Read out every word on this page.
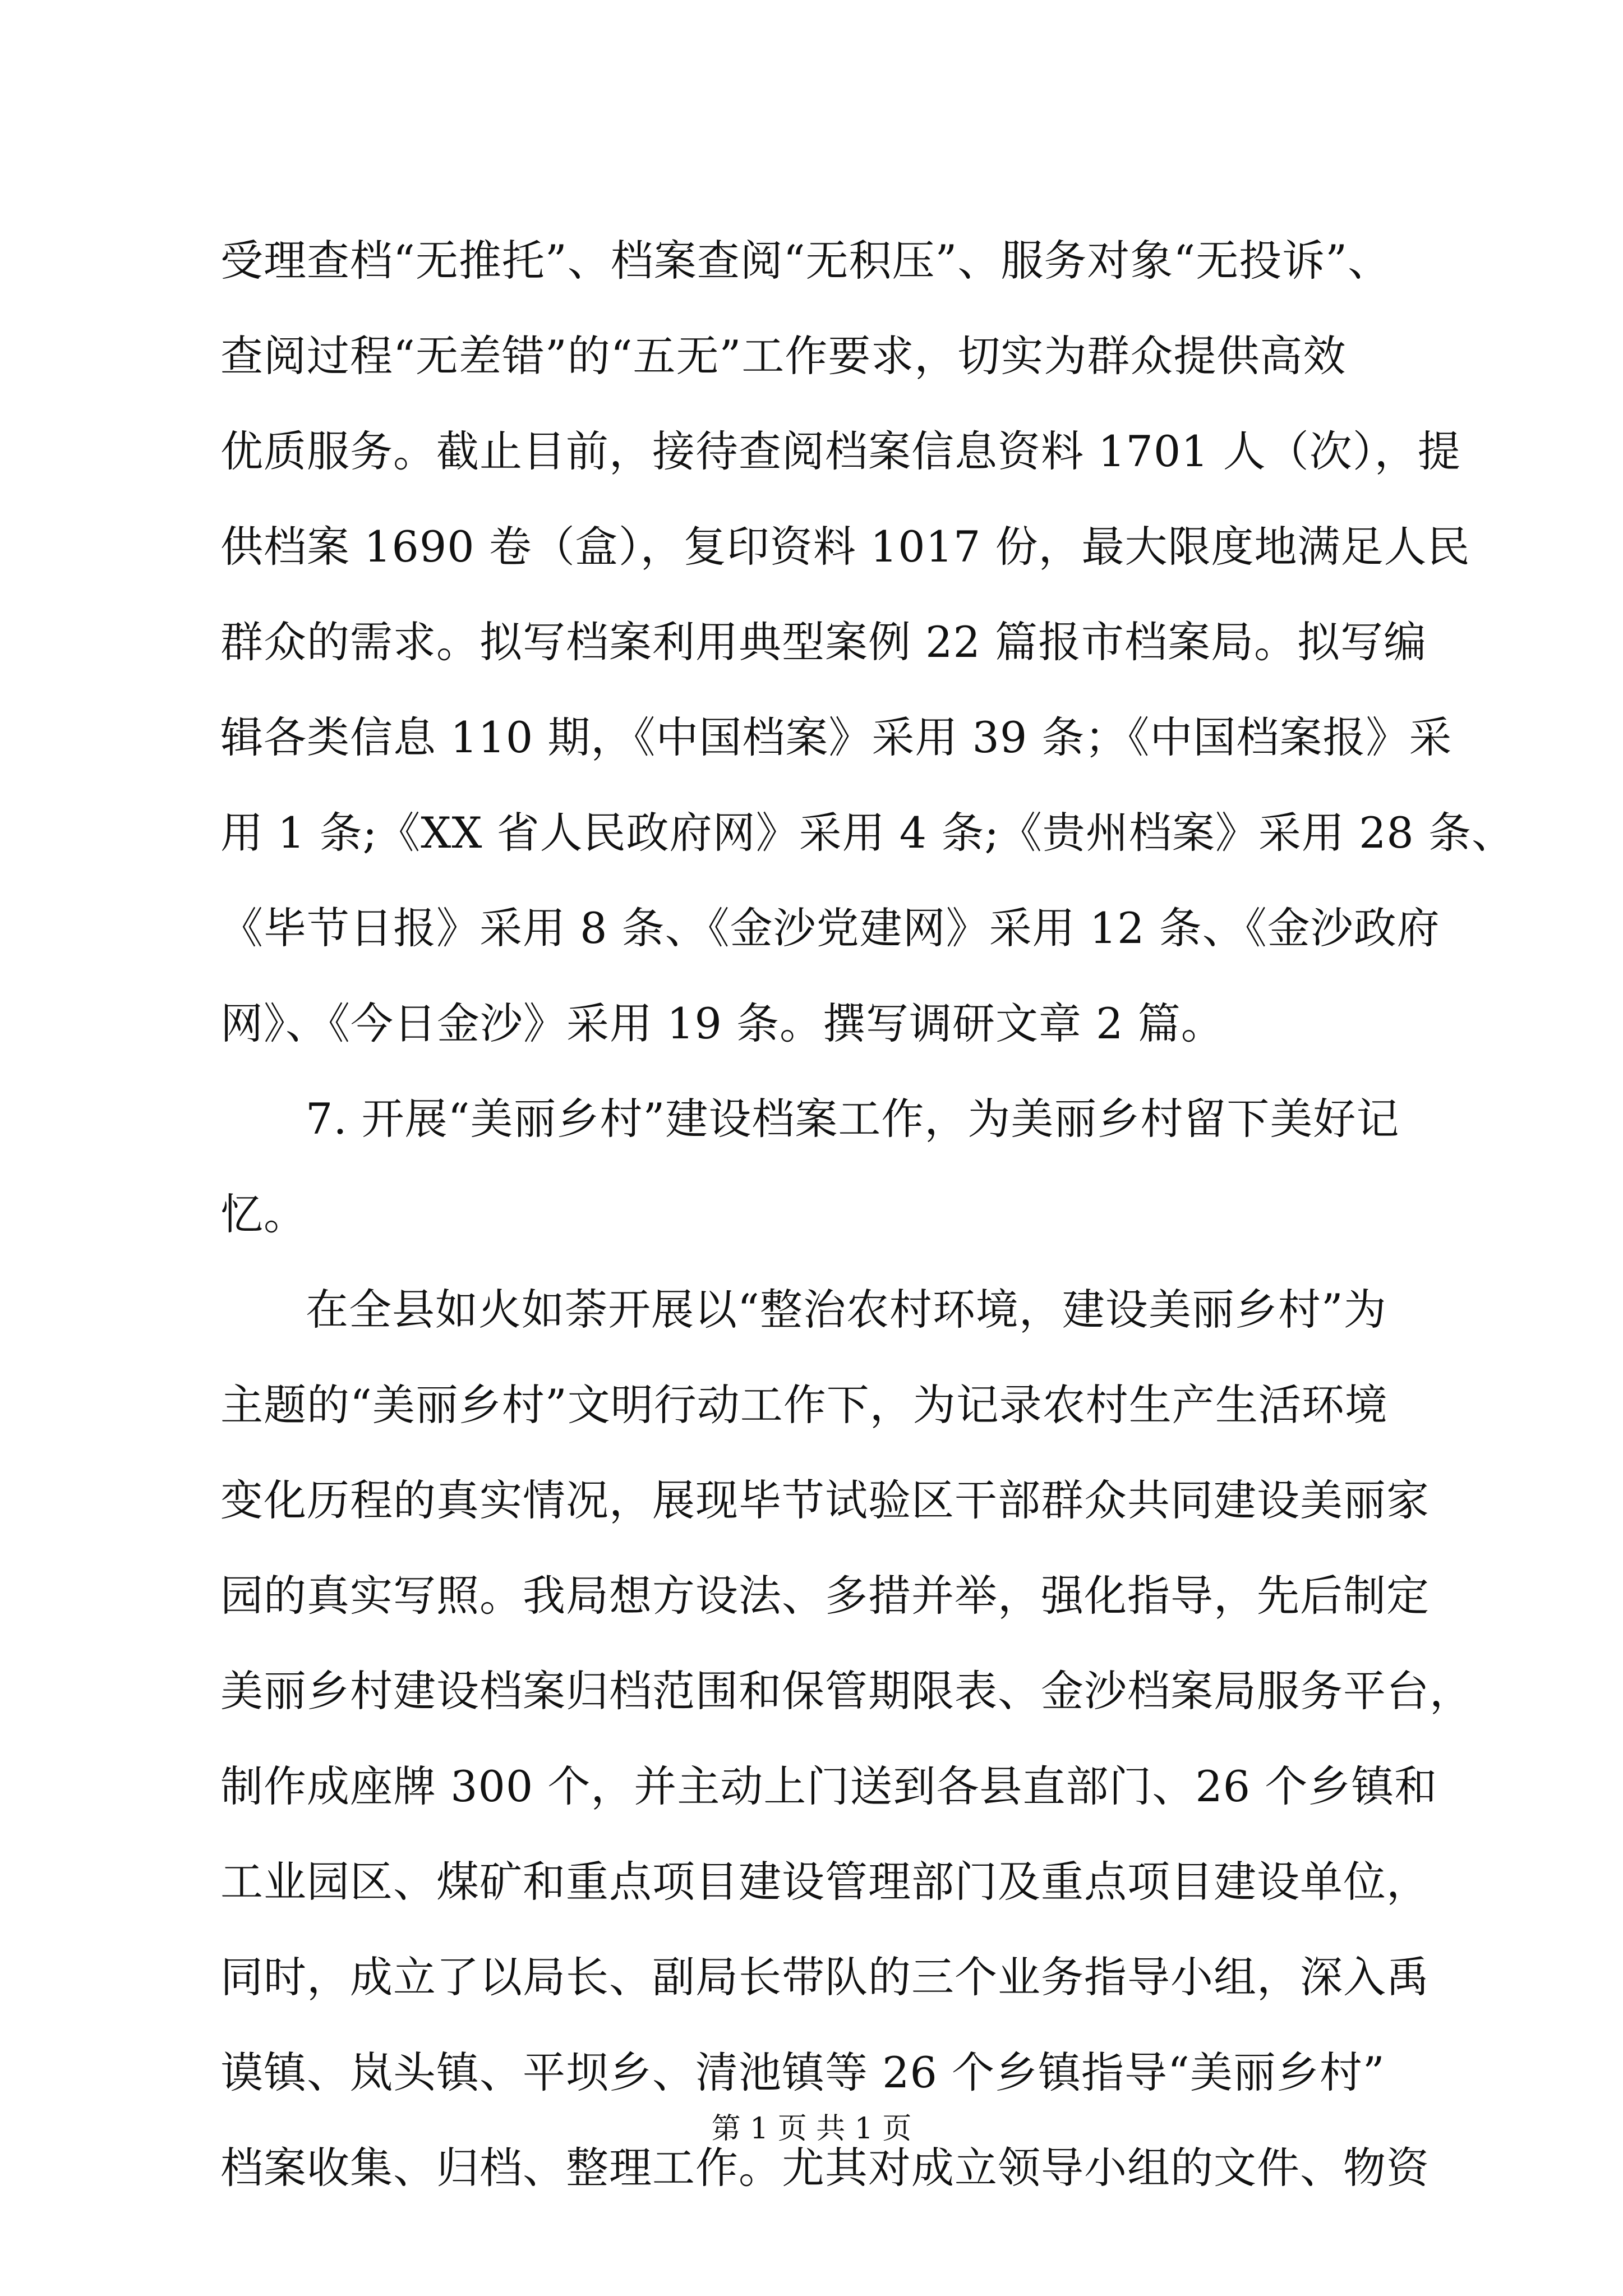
受理查档“无推托”、档案查阅“无积压”、服务对象“无投诉”、
查阅过程“无差错”的“五无”工作要求，切实为群众提供高效
优质服务。截止目前，接待查阅档案信息资料 1701 人（次），提
供档案 1690 卷（盒），复印资料 1017 份，最大限度地满足人民
群众的需求。拟写档案利用典型案例 22 篇报市档案局。拟写编
辑各类信息 110 期，《中国档案》采用 39 条；《中国档案报》采
用 1 条;《XX 省人民政府网》采用 4 条;《贵州档案》采用 28 条、
《毕节日报》采用 8 条、《金沙党建网》采用 12 条、《金沙政府
网》、《今日金沙》采用 19 条。撰写调研文章 2 篇。
7. 开展“美丽乡村”建设档案工作，为美丽乡村留下美好记
忆。
在全县如火如荼开展以“整治农村环境，建设美丽乡村”为
主题的“美丽乡村”文明行动工作下，为记录农村生产生活环境
变化历程的真实情况，展现毕节试验区干部群众共同建设美丽家
园的真实写照。我局想方设法、多措并举，强化指导，先后制定
美丽乡村建设档案归档范围和保管期限表、金沙档案局服务平台，
制作成座牌 300 个，并主动上门送到各县直部门、26 个乡镇和
工业园区、煤矿和重点项目建设管理部门及重点项目建设单位，
同时，成立了以局长、副局长带队的三个业务指导小组，深入禹
谟镇、岚头镇、平坝乡、清池镇等 26 个乡镇指导“美丽乡村”
档案收集、归档、整理工作。尤其对成立领导小组的文件、物资
第 1 页 共 1 页
